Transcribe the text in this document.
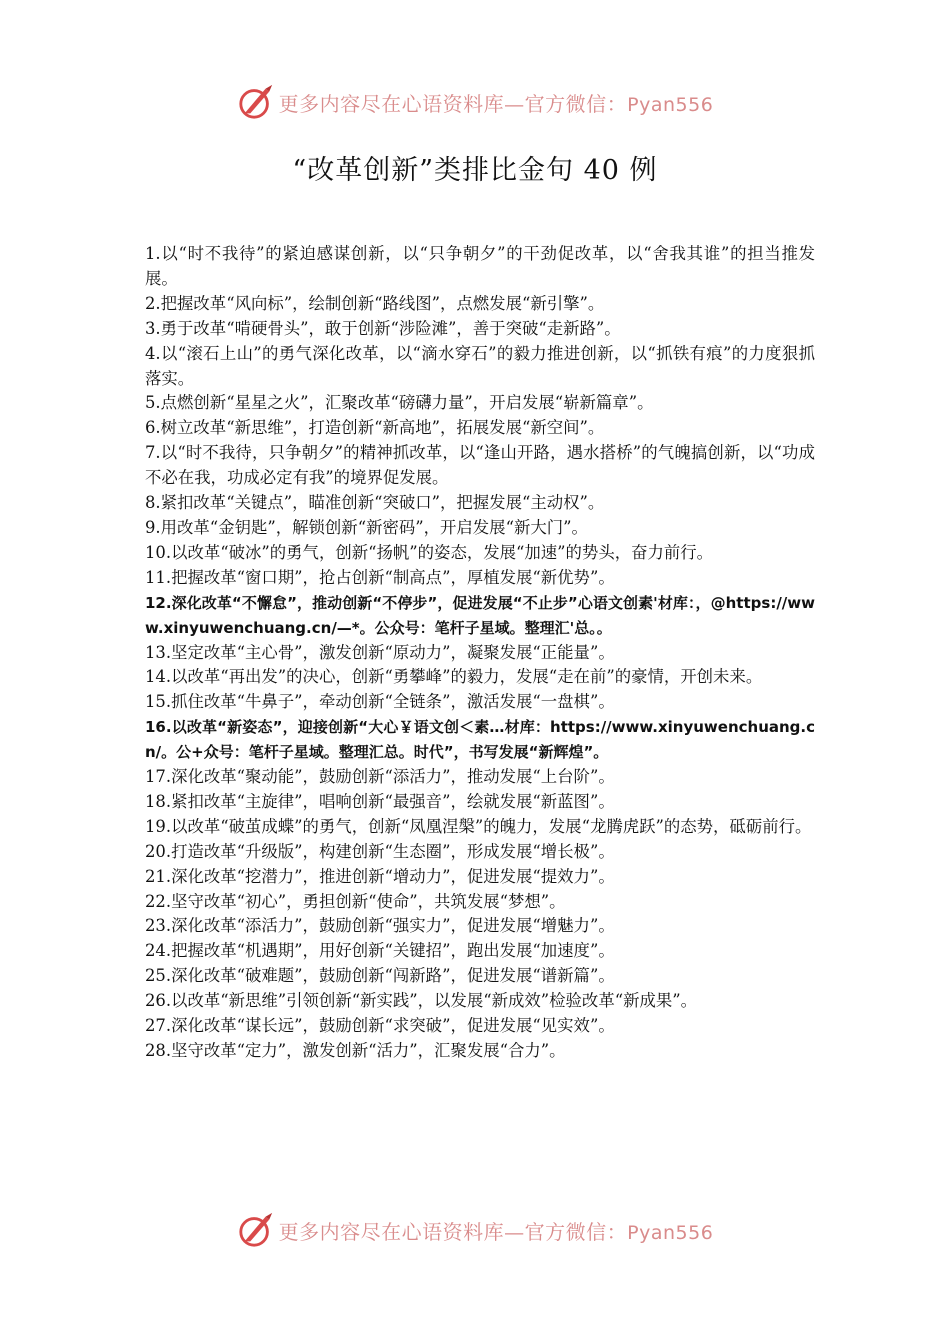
更多内容尽在心语资料库—官方微信：Pyan556
“改革创新”类排比金句 40 例

1.以“时不我待”的紧迫感谋创新，以“只争朝夕”的干劲促改革，以“舍我其谁”的担当推发展。

2.把握改革“风向标”，绘制创新“路线图”，点燃发展“新引擎”。

3.勇于改革“啃硬骨头”，敢于创新“涉险滩”，善于突破“走新路”。

4.以“滚石上山”的勇气深化改革，以“滴水穿石”的毅力推进创新，以“抓铁有痕”的力度狠抓落实。

5.点燃创新“星星之火”，汇聚改革“磅礴力量”，开启发展“崭新篇章”。

6.树立改革“新思维”，打造创新“新高地”，拓展发展“新空间”。

7.以“时不我待，只争朝夕”的精神抓改革，以“逢山开路，遇水搭桥”的气魄搞创新，以“功成不必在我，功成必定有我”的境界促发展。

8.紧扣改革“关键点”，瞄准创新“突破口”，把握发展“主动权”。

9.用改革“金钥匙”，解锁创新“新密码”，开启发展“新大门”。

10.以改革“破冰”的勇气，创新“扬帆”的姿态，发展“加速”的势头，奋力前行。

11.把握改革“窗口期”，抢占创新“制高点”，厚植发展“新优势”。

12.深化改革“不懈怠”，推动创新“不停步”，促进发展“不止步”心语文创素'材库：，@https://www.xinyuwenchuang.cn/—*。公众号：笔杆子星域。整理汇'总。。

13.坚定改革“主心骨”，激发创新“原动力”，凝聚发展“正能量”。

14.以改革“再出发”的决心，创新“勇攀峰”的毅力，发展“走在前”的豪情，开创未来。

15.抓住改革“牛鼻子”，牵动创新“全链条”，激活发展“一盘棋”。

16.以改革“新姿态”，迎接创新“大心￥语文创＜素…材库：https://www.xinyuwenchuang.cn/。公+众号：笔杆子星域。整理汇总。时代”，书写发展“新辉煌”。

17.深化改革“聚动能”，鼓励创新“添活力”，推动发展“上台阶”。

18.紧扣改革“主旋律”，唱响创新“最强音”，绘就发展“新蓝图”。

19.以改革“破茧成蝶”的勇气，创新“凤凰涅槃”的魄力，发展“龙腾虎跃”的态势，砥砺前行。

20.打造改革“升级版”，构建创新“生态圈”，形成发展“增长极”。

21.深化改革“挖潜力”，推进创新“增动力”，促进发展“提效力”。

22.坚守改革“初心”，勇担创新“使命”，共筑发展“梦想”。

23.深化改革“添活力”，鼓励创新“强实力”，促进发展“增魅力”。

24.把握改革“机遇期”，用好创新“关键招”，跑出发展“加速度”。

25.深化改革“破难题”，鼓励创新“闯新路”，促进发展“谱新篇”。

26.以改革“新思维”引领创新“新实践”，以发展“新成效”检验改革“新成果”。

27.深化改革“谋长远”，鼓励创新“求突破”，促进发展“见实效”。

28.坚守改革“定力”，激发创新“活力”，汇聚发展“合力”。

更多内容尽在心语资料库—官方微信：Pyan556
